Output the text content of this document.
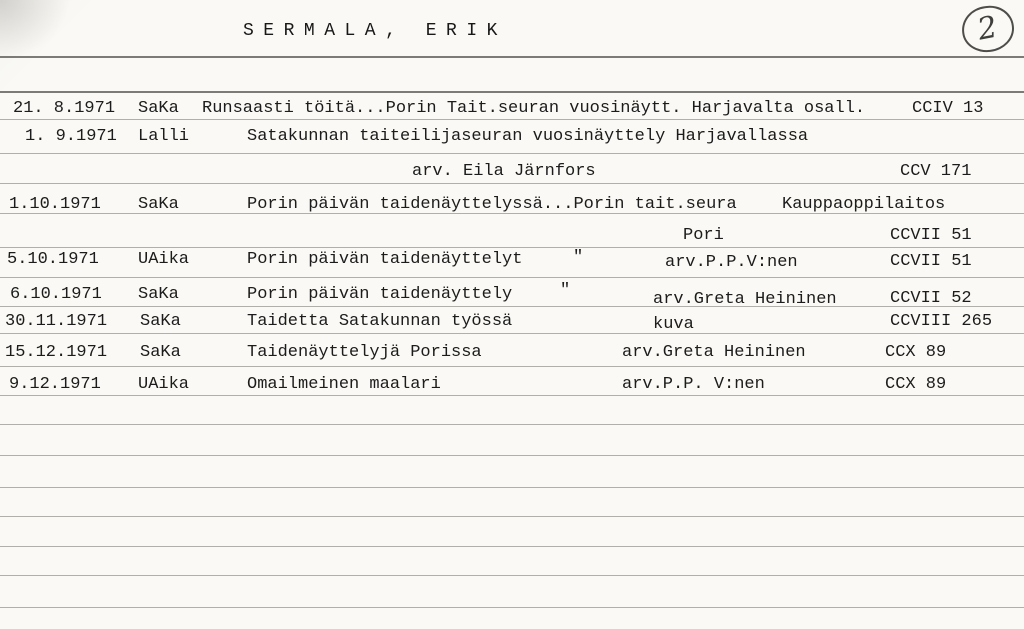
SERMALA, ERIK	2
21. 8.1971 SaKa Runsaasti töitä...Porin Tait.seuran vuosinäytt. Harjavalta osall.	CCIV 13
1. 9.1971 Lalli	Satakunnan taiteilijaseuran vuosinäyttely Harjavallassa
arv. Eila Järnfors	CCV 171
1.10.1971 SaKa	Porin päivän taidenäyttelyssä...Porin tait.seura	Kauppaoppilaitos
Pori	CCVII 51
5.10.1971 UAika	Porin päivän taidenäyttelyt	"	arv.P.P.V:nen	CCVII 51
6.10.1971 SaKa	Porin päivän taidenäyttely	"	arv.Greta Heininen	CCVII 52
30.11.1971 SaKa	Taidetta Satakunnan työssä	kuva	CCVIII 265
15.12.1971 SaKa	Taidenäyttelyjä Porissa	arv.Greta Heininen	CCX 89
9.12.1971 UAika	Omailmeinen maalari	arv.P.P. V:nen	CCX 89
